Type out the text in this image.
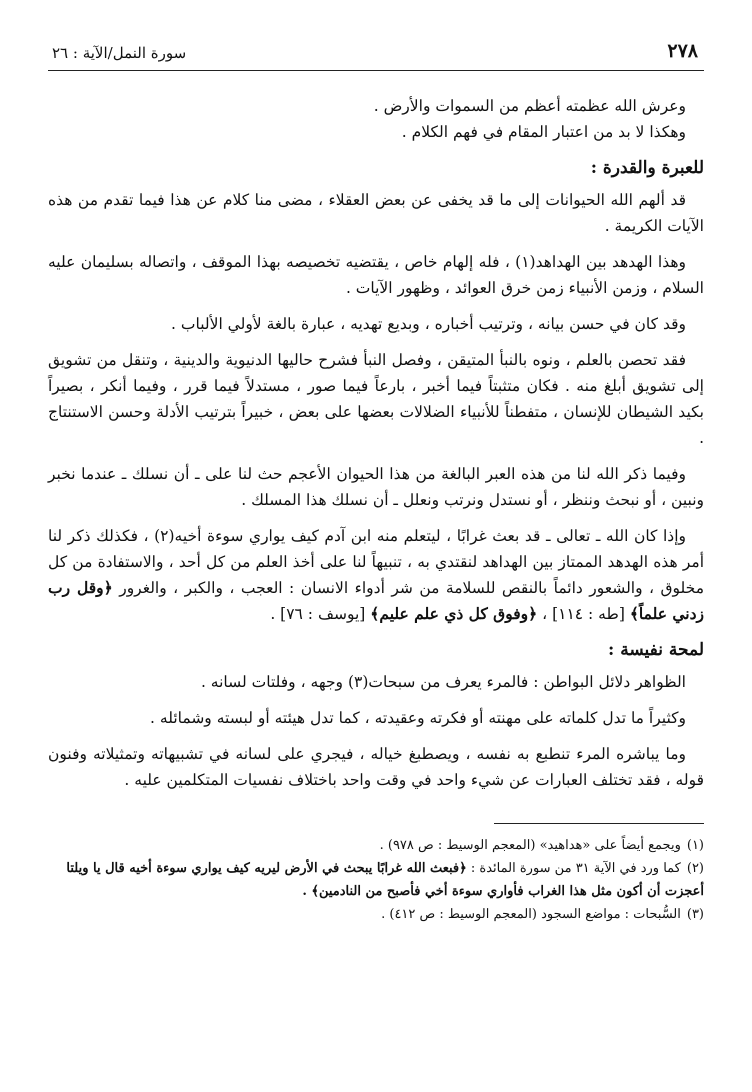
٢٧٨
سورة النمل/الآية : ٢٦

وعرش الله عظمته أعظم من السموات والأرض .

وهكذا لا بد من اعتبار المقام في فهم الكلام .

للعبرة والقدرة :

قد ألهم الله الحيوانات إلى ما قد يخفى عن بعض العقلاء ، مضى منا كلام عن هذا فيما تقدم من هذه الآيات الكريمة .

وهذا الهدهد بين الهداهد(١) ، فله إلهام خاص ، يقتضيه تخصيصه بهذا الموقف ، واتصاله بسليمان عليه السلام ، وزمن الأنبياء زمن خرق العوائد ، وظهور الآيات .

وقد كان في حسن بيانه ، وترتيب أخباره ، وبديع تهديه ، عبارة بالغة لأولي الألباب .

فقد تحصن بالعلم ، ونوه بالنبأ المتيقن ، وفصل النبأ فشرح حاليها الدنيوية والدينية ، وتنقل من تشويق إلى تشويق أبلغ منه . فكان متثبتاً فيما أخبر ، بارعاً فيما صور ، مستدلاً فيما قرر ، وفيما أنكر ، بصيراً بكيد الشيطان للإنسان ، متفطناً للأنبياء الضلالات بعضها على بعض ، خبيراً بترتيب الأدلة وحسن الاستنتاج .

وفيما ذكر الله لنا من هذه العبر البالغة من هذا الحيوان الأعجم حث لنا على ـ أن نسلك ـ عندما نخبر ونبين ، أو نبحث وننظر ، أو نستدل ونرتب ونعلل ـ أن نسلك هذا المسلك .

وإذا كان الله ـ تعالى ـ قد بعث غرابًا ، ليتعلم منه ابن آدم كيف يواري سوءة أخيه(٢) ، فكذلك ذكر لنا أمر هذه الهدهد الممتاز بين الهداهد لنقتدي به ، تنبيهاً لنا على أخذ العلم من كل أحد ، والاستفادة من كل مخلوق ، والشعور دائماً بالنقص للسلامة من شر أدواء الانسان : العجب ، والكبر ، والغرور ﴿وقل رب زدني علماً﴾ [طه : ١١٤] ، ﴿وفوق كل ذي علم عليم﴾ [يوسف : ٧٦] .

لمحة نفيسة :

الظواهر دلائل البواطن : فالمرء يعرف من سبحات(٣) وجهه ، وفلتات لسانه .

وكثيراً ما تدل كلماته على مهنته أو فكرته وعقيدته ، كما تدل هيئته أو لبسته وشمائله .

وما يباشره المرء تنطبع به نفسه ، ويصطبغ خياله ، فيجري على لسانه في تشبيهاته وتمثيلاته وفنون قوله ، فقد تختلف العبارات عن شيء واحد في وقت واحد باختلاف نفسيات المتكلمين عليه .

(١)ويجمع أيضاً على «هداهيد» (المعجم الوسيط : ص ٩٧٨) .

(٢)كما ورد في الآية ٣١ من سورة المائدة : ﴿فبعث الله غرابًا يبحث في الأرض ليريه كيف يواري سوءة أخيه قال يا ويلتا أعجزت أن أكون مثل هذا الغراب فأواري سوءة أخي فأصبح من النادمين﴾ .

(٣)السُّبحات : مواضع السجود (المعجم الوسيط : ص ٤١٢) .
